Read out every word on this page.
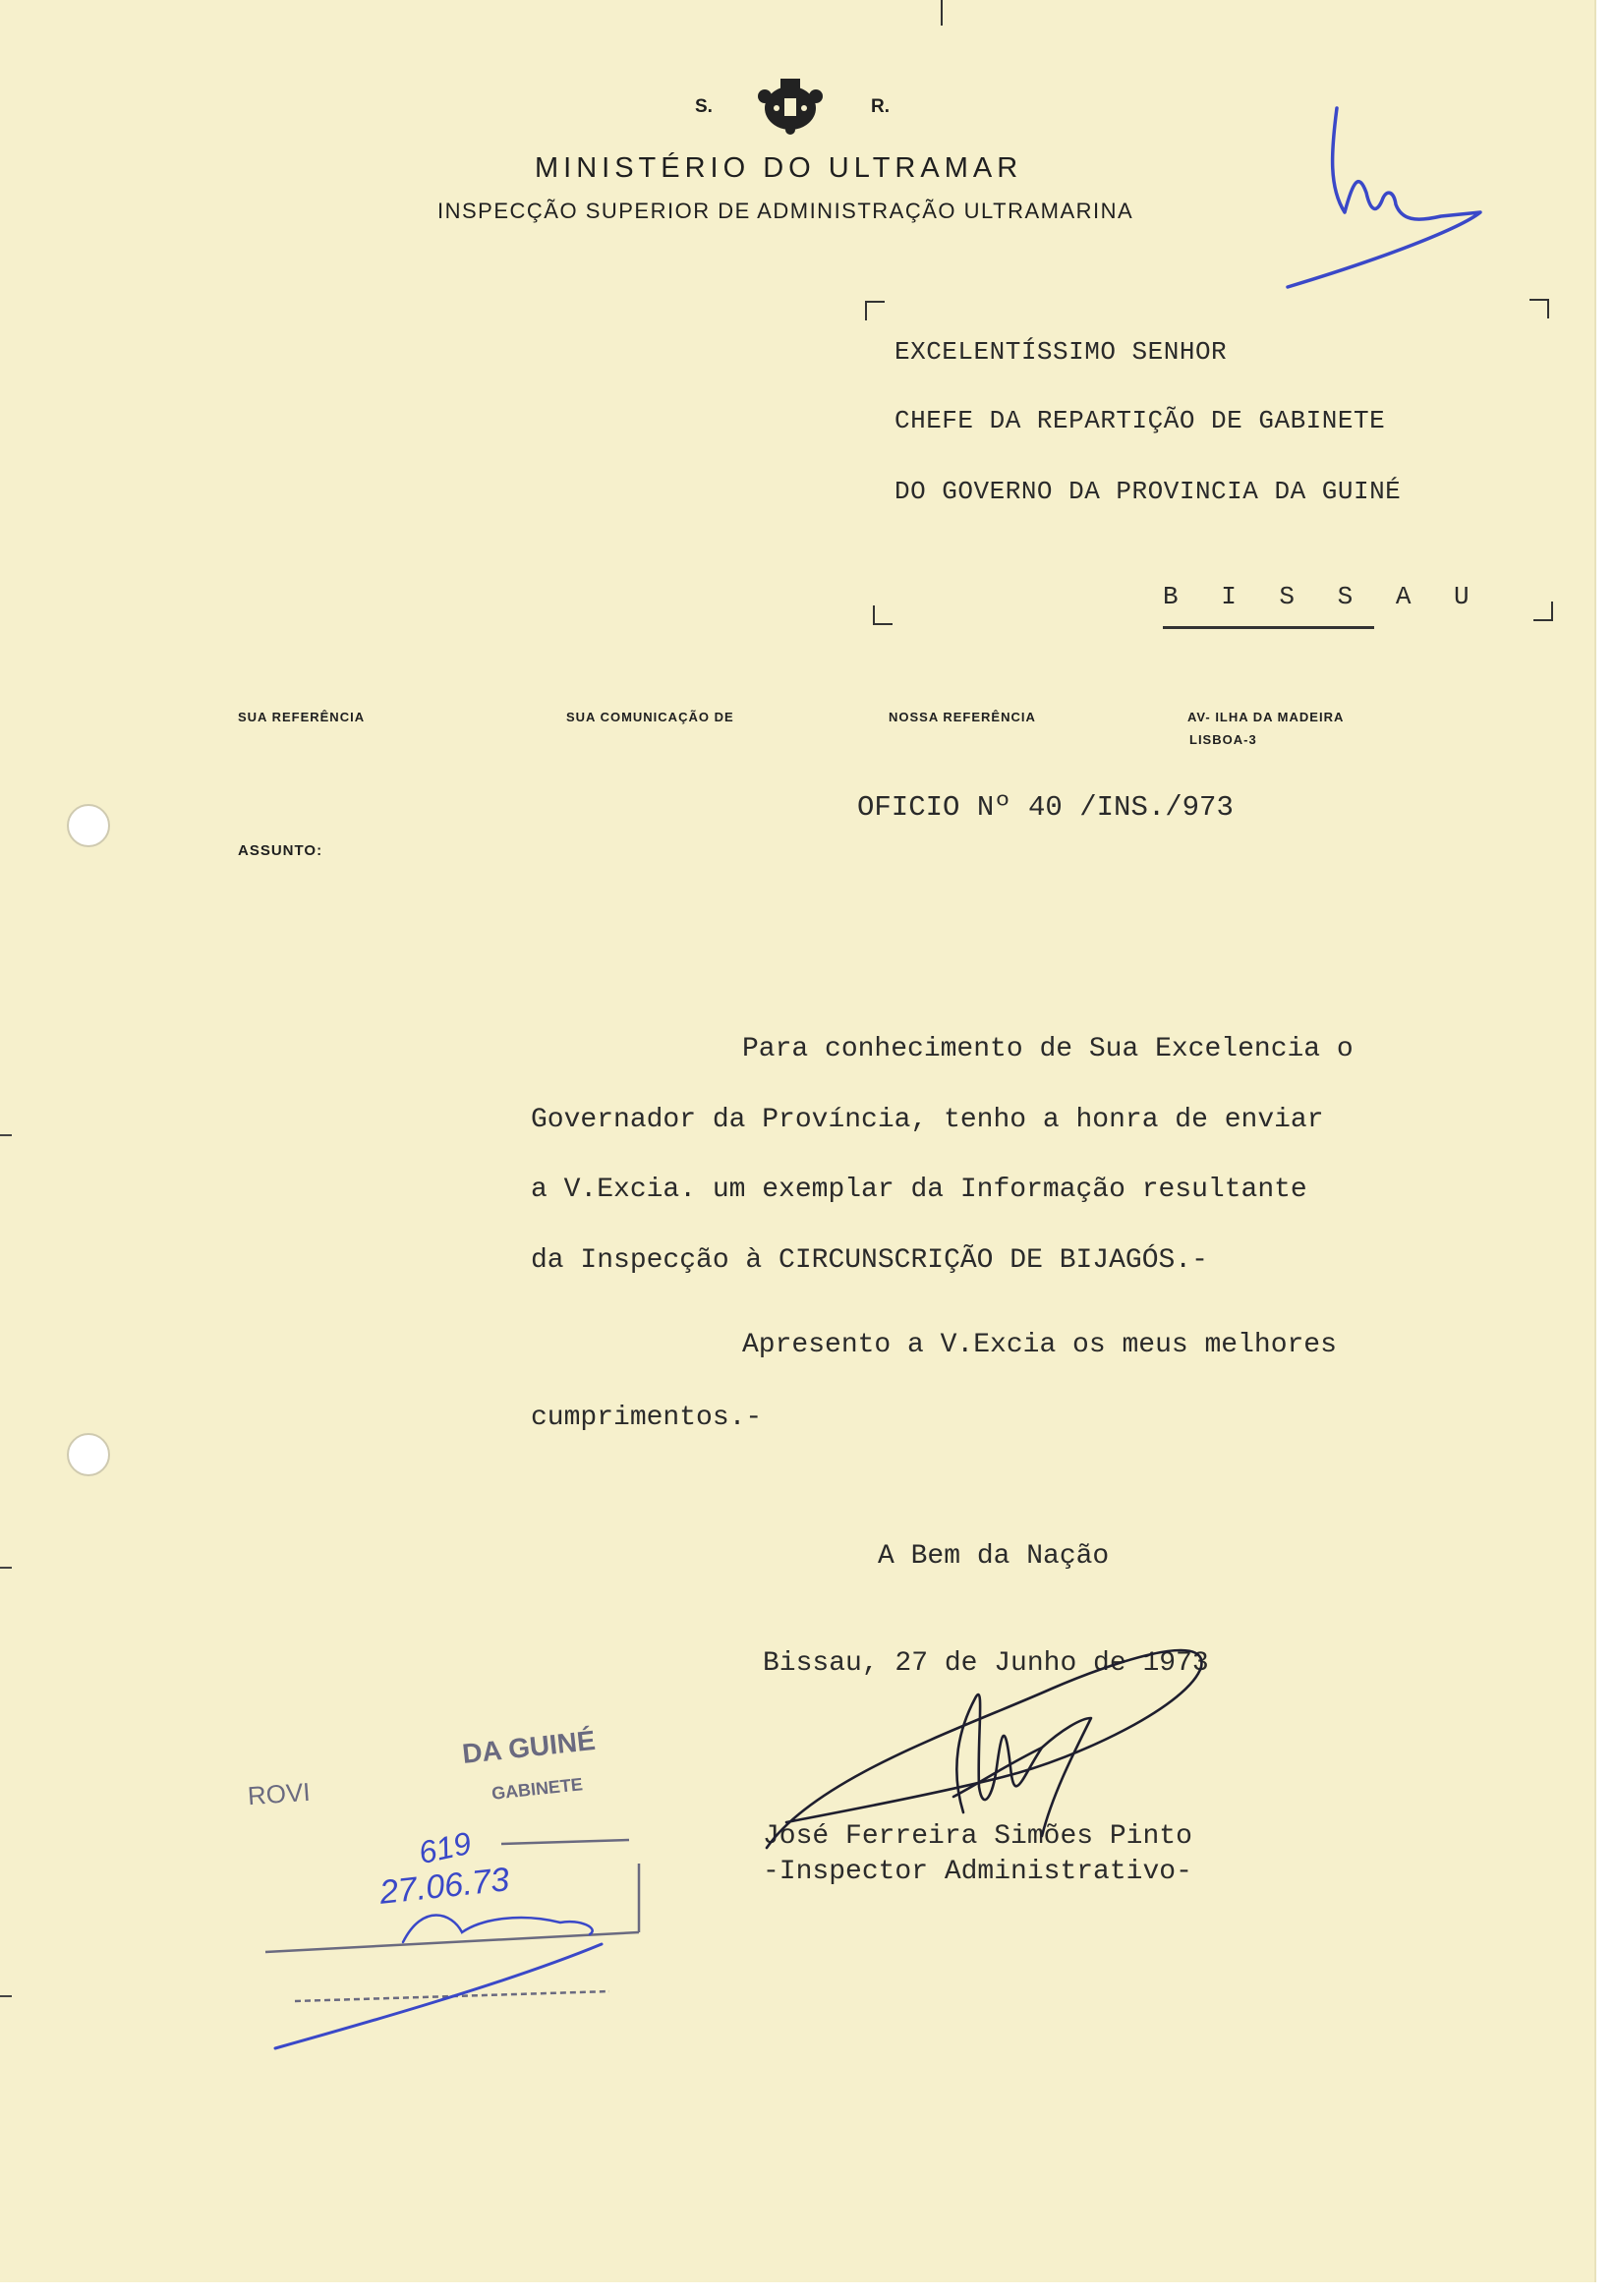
S.	R.
MINISTÉRIO DO ULTRAMAR
INSPECÇÃO SUPERIOR DE ADMINISTRAÇÃO ULTRAMARINA
EXCELENTÍSSIMO SENHOR
CHEFE DA REPARTIÇÃO DE GABINETE
DO GOVERNO DA PROVINCIA DA GUINÉ
B I S S A U
SUA REFERÊNCIA	SUA COMUNICAÇÃO DE	NOSSA REFERÊNCIA	AV- ILHA DA MADEIRA
LISBOA-3
OFICIO Nº 40 /INS./973
ASSUNTO:
Para conhecimento de Sua Excelencia o
Governador da Província, tenho a honra de enviar
a V.Excia. um exemplar da Informação resultante
da Inspecção à CIRCUNSCRIÇÃO DE BIJAGÓS.-
Apresento a V.Excia os meus melhores
cumprimentos.-
A Bem da Nação
Bissau, 27 de Junho de 1973
José Ferreira Simões Pinto
-Inspector Administrativo-
ROVI
DA GUINÉ
GABINETE
619
27.06.73
